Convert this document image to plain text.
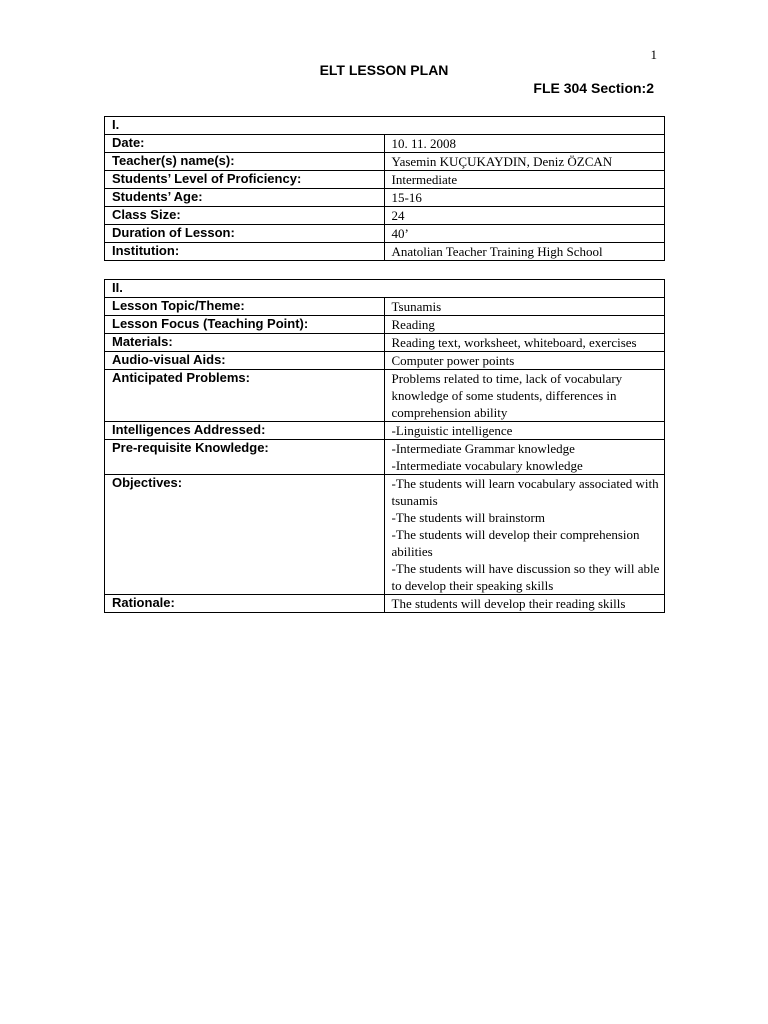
1
ELT LESSON PLAN
FLE 304 Section:2
I.	
Date:	10. 11. 2008

Teacher(s) name(s):	Yasemin KUÇUKAYDIN, Deniz ÖZCAN

Students’ Level of Proficiency:	Intermediate

Students’ Age:	15-16

Class Size:	24

Duration of Lesson:	40’

Institution:	Anatolian Teacher Training High School
II.	
Lesson Topic/Theme:	Tsunamis

Lesson Focus (Teaching Point):	Reading

Materials:	Reading text, worksheet, whiteboard, exercises

Audio-visual Aids:	Computer power points

Anticipated Problems:	Problems related to time, lack of vocabulary knowledge of some students, differences in comprehension ability

Intelligences Addressed:	-Linguistic intelligence

Pre-requisite Knowledge:	-Intermediate Grammar knowledge
-Intermediate vocabulary knowledge

Objectives:	-The students will learn vocabulary associated with tsunamis
-The students will brainstorm
-The students will develop their comprehension abilities
-The students will have discussion so they will able to develop their speaking skills

Rationale:	The students will develop their reading skills
